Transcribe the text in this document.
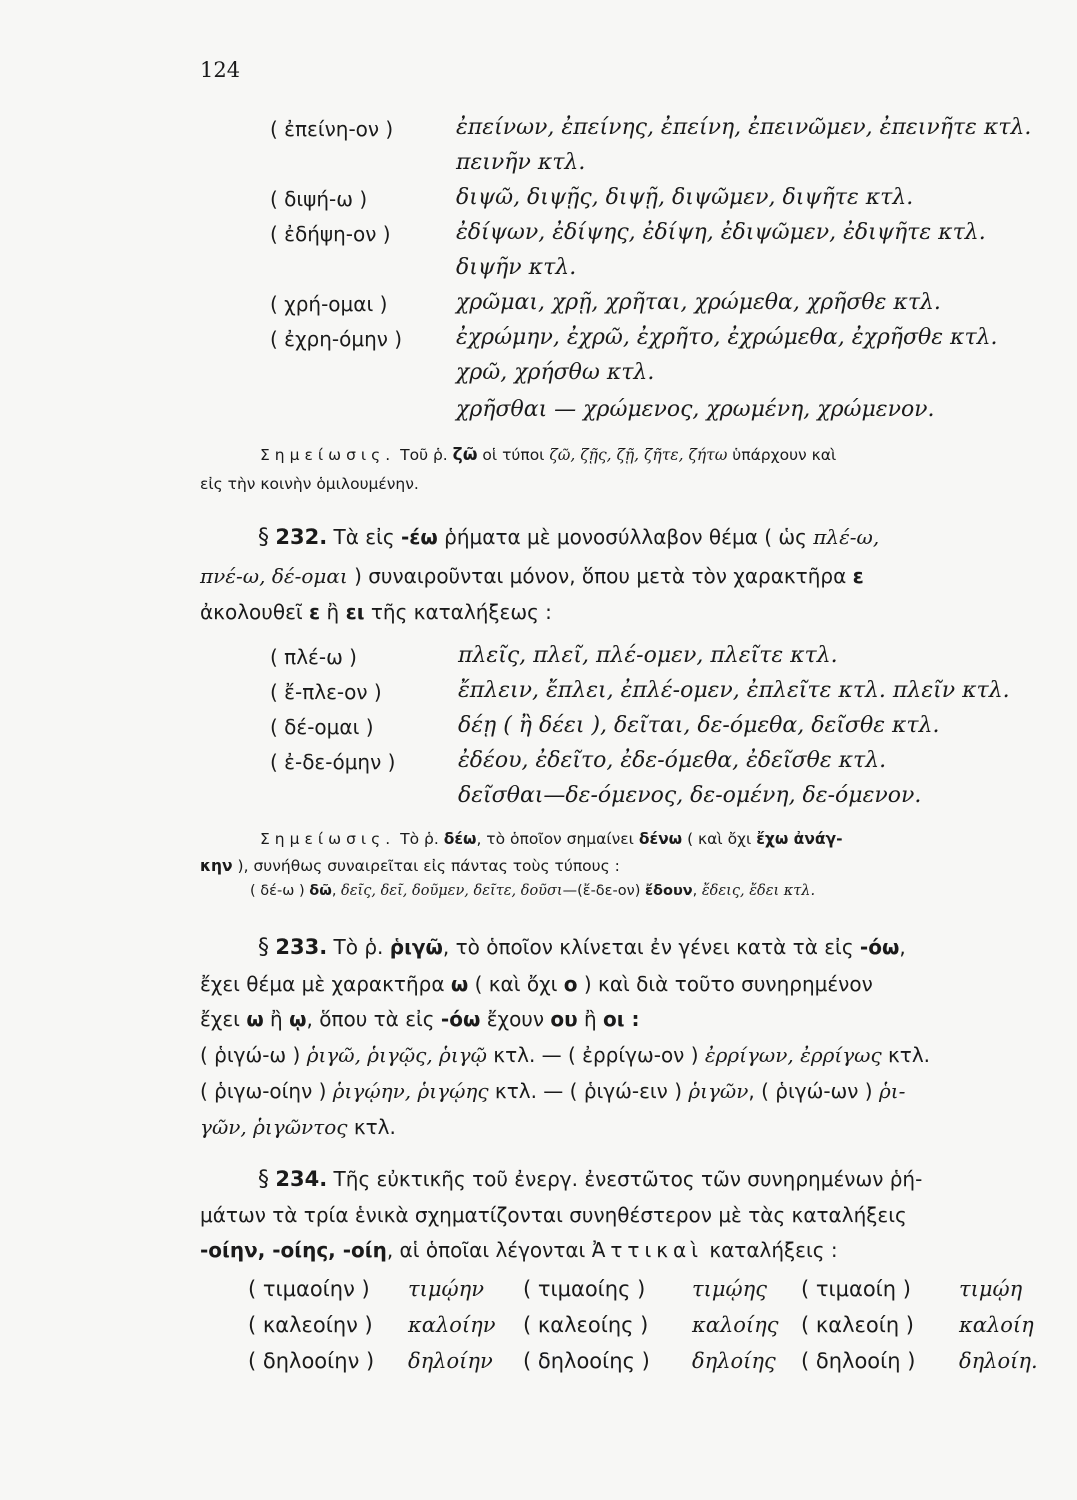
124
( ἐπείνη-ον )	ἐπείνων, ἐπείνης, ἐπείνη, ἐπεινῶμεν, ἐπεινῆτε κτλ.
πεινῆν κτλ.
( διψή-ω )	διψῶ, διψῇς, διψῇ, διψῶμεν, διψῆτε κτλ.
( ἐδήψη-ον )	ἐδίψων, ἐδίψης, ἐδίψη, ἐδιψῶμεν, ἐδιψῆτε κτλ.
διψῆν κτλ.
( χρή-ομαι )	χρῶμαι, χρῇ, χρῆται, χρώμεθα, χρῆσθε κτλ.
( ἐχρη-όμην ) ἐχρώμην, ἐχρῶ, ἐχρῆτο, ἐχρώμεθα, ἐχρῆσθε κτλ.
χρῶ, χρήσθω κτλ.
χρῆσθαι — χρώμενος, χρωμένη, χρώμενον.
Σημείωσις. Τοῦ ῥ. ζῶ οἱ τύποι ζῶ, ζῇς, ζῇ, ζῆτε, ζήτω ὑπάρχουν καὶ
εἰς τὴν κοινὴν ὁμιλουμένην.
§ 232. Τὰ εἰς -έω ῥήματα μὲ μονοσύλλαβον θέμα ( ὡς πλέ-ω,
πνέ-ω, δέ-ομαι ) συναιροῦνται μόνον, ὅπου μετὰ τὸν χαρακτῆρα ε
ἀκολουθεῖ ε ἢ ει τῆς καταλήξεως :
( πλέ-ω )	πλεῖς, πλεῖ, πλέ-ομεν, πλεῖτε κτλ.
( ἔ-πλε-ον )	ἔπλειν, ἔπλει, ἐπλέ-ομεν, ἐπλεῖτε κτλ. πλεῖν κτλ.
( δέ-ομαι )	δέῃ ( ἢ δέει ), δεῖται, δε-όμεθα, δεῖσθε κτλ.
( ἐ-δε-όμην )	ἐδέου, ἐδεῖτο, ἐδε-όμεθα, ἐδεῖσθε κτλ.
δεῖσθαι—δε-όμενος, δε-ομένη, δε-όμενον.
Σημείωσις. Τὸ ῥ. δέω, τὸ ὁποῖον σημαίνει δένω ( καὶ ὄχι ἔχω ἀνάγ-
κην ), συνήθως συναιρεῖται εἰς πάντας τοὺς τύπους :
( δέ-ω ) δῶ, δεῖς, δεῖ, δοῦμεν, δεῖτε, δοῦσι—(ἔ-δε-ον) ἔδουν, ἔδεις, ἔδει κτλ.
§ 233. Τὸ ῥ. ῥιγῶ, τὸ ὁποῖον κλίνεται ἐν γένει κατὰ τὰ εἰς -όω,
ἔχει θέμα μὲ χαρακτῆρα ω ( καὶ ὄχι ο ) καὶ διὰ τοῦτο συνηρημένον
ἔχει ω ἢ ῳ, ὅπου τὰ εἰς -όω ἔχουν ου ἢ οι :
( ῥιγώ-ω ) ῥιγῶ, ῥιγῷς, ῥιγῷ κτλ. — ( ἐρρίγω-ον ) ἐρρίγων, ἐρρίγως κτλ.
( ῥιγω-οίην ) ῥιγῴην, ῥιγῴης κτλ. — ( ῥιγώ-ειν ) ῥιγῶν, ( ῥιγώ-ων ) ῥι-
γῶν, ῥιγῶντος κτλ.
§ 234. Τῆς εὐκτικῆς τοῦ ἐνεργ. ἐνεστῶτος τῶν συνηρημένων ῥή-
μάτων τὰ τρία ἑνικὰ σχηματίζονται συνηθέστερον μὲ τὰς καταλήξεις
-οίην, -οίης, -οίη, αἱ ὁποῖαι λέγονται Ἀττικαὶ καταλήξεις :
( τιμαοίην ) τιμῴην ( τιμαοίης ) τιμῴης ( τιμαοίη ) τιμῴη
( καλεοίην ) καλοίην ( καλεοίης ) καλοίης ( καλεοίη ) καλοίη
( δηλοοίην ) δηλοίην ( δηλοοίης ) δηλοίης ( δηλοοίη ) δηλοίη.
